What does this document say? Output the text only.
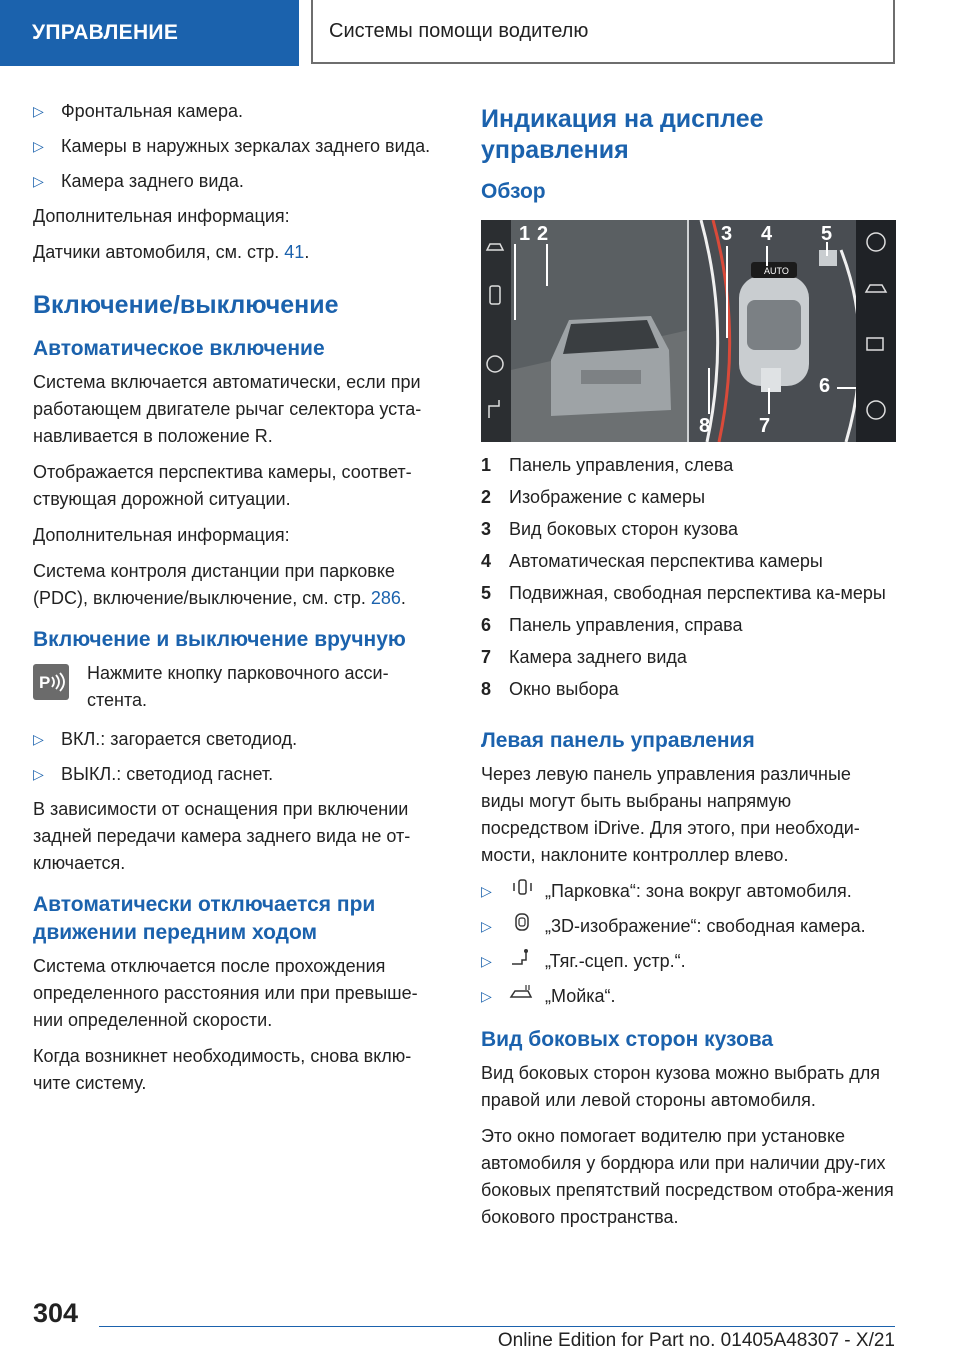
УПРАВЛЕНИЕ	Системы помощи водителю
▷ Фронтальная камера.
▷ Камеры в наружных зеркалах заднего вида.
▷ Камера заднего вида.

Дополнительная информация:

Датчики автомобиля, см. стр. 41.

Включение/выключение
Автоматическое включение

Система включается автоматически, если при работающем двигателе рычаг селектора уста-навливается в положение R.

Отображается перспектива камеры, соответ-ствующая дорожной ситуации.

Дополнительная информация:

Система контроля дистанции при парковке (PDC), включение/выключение, см. стр. 286.

Включение и выключение вручную
P Нажмите кнопку парковочного асси-стента.
▷ ВКЛ.: загорается светодиод.
▷ ВЫКЛ.: светодиод гаснет.

В зависимости от оснащения при включении задней передачи камера заднего вида не от-ключается.

Автоматически отключается при движении передним ходом

Система отключается после прохождения определенного расстояния или при превыше-нии определенной скорости.

Когда возникнет необходимость, снова вклю-чите систему.

Индикация на дисплее управления
Обзор
AUTO
1 2	3 4 5
6
7
8
1 Панель управления, слева
2 Изображение с камеры
3 Вид боковых сторон кузова
4 Автоматическая перспектива камеры
5 Подвижная, свободная перспектива ка-меры
6 Панель управления, справа
7 Камера заднего вида
8 Окно выбора
Левая панель управления

Через левую панель управления различные виды могут быть выбраны напрямую посредством iDrive. Для этого, при необходи-мости, наклоните контроллер влево.

▷	„Парковка“: зона вокруг автомобиля.
▷	„3D-изображение“: свободная камера.
▷	„Тяг.-сцеп. устр.“.
▷	„Мойка“.
Вид боковых сторон кузова

Вид боковых сторон кузова можно выбрать для правой или левой стороны автомобиля.

Это окно помогает водителю при установке автомобиля у бордюра или при наличии дру-гих боковых препятствий посредством отобра-жения бокового пространства.

304
Online Edition for Part no. 01405A48307 - X/21
